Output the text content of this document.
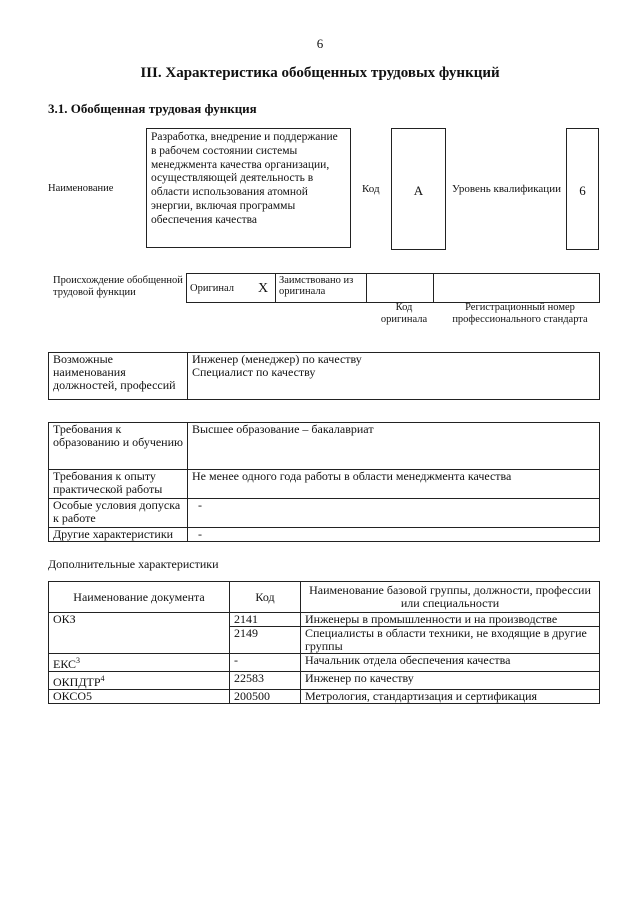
6
III. Характеристика обобщенных трудовых функций
3.1. Обобщенная трудовая функция
Наименование
Разработка, внедрение и поддержание в рабочем состоянии системы менеджмента качества организации, осуществляющей деятельность в области использования атомной энергии, включая программы обеспечения качества
Код	A	Уровень квалификации	6
Происхождение обобщенной трудовой функции	Оригинал	X	Заимствовано из оригинала		
Код оригинала
Регистрационный номер профессионального стандарта
Возможные наименования должностей, профессий	
Инженер (менеджер) по качеству
Специалист по качеству
Требования к образованию и обучению	Высшее образование – бакалавриат
Требования к опыту практической работы	Не менее одного года работы в области менеджмента качества
Особые условия допуска к работе	-
Другие характеристики	-
Дополнительные характеристики
Наименование документа	Код	Наименование базовой группы, должности, профессии или специальности
ОКЗ	2141	Инженеры в промышленности и на производстве
	2149	Специалисты в области техники, не входящие в другие группы
ЕКС$^3$	-	Начальник отдела обеспечения качества
ОКПДТР$^4$	22583	Инженер по качеству
ОКСО5	200500	Метрология, стандартизация и сертификация
